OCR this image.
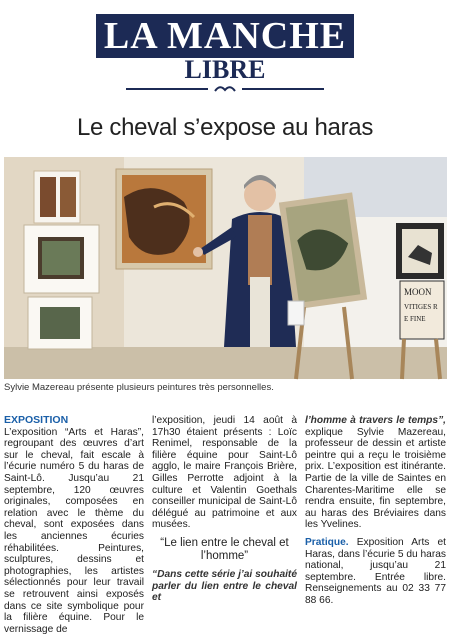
LA MANCHE
LIBRE
Le cheval s’expose au haras
MOON
VITIGES R
E FINE
Sylvie Mazereau présente plusieurs peintures très personnelles.
EXPOSITION
L’exposition “Arts et Haras”, regroupant des œuvres d’art sur le cheval, fait escale à l’écurie numéro 5 du haras de Saint-Lô. Jusqu’au 21 septembre, 120 œuvres originales, composées en relation avec le thème du cheval, sont exposées dans les anciennes écuries réhabilitées. Peintures, sculptures, dessins et photographies, les artistes sélectionnés pour leur travail se retrouvent ainsi exposés dans ce site symbolique pour la filière équine. Pour le vernissage de
l’exposition, jeudi 14 août à 17h30 étaient présents : Loïc Renimel, responsable de la filière équine pour Saint-Lô agglo, le maire François Brière, Gilles Perrotte adjoint à la culture et Valentin Goethals conseiller municipal de Saint-Lô délégué au patrimoine et aux musées.
“Le lien entre le cheval et l’homme”
“Dans cette série j’ai souhaité parler du lien entre le cheval et
l’homme à travers le temps”, explique Sylvie Mazereau, professeur de dessin et artiste peintre qui a reçu le troisième prix. L’exposition est itinérante. Partie de la ville de Saintes en Charentes-Maritime elle se rendra ensuite, fin septembre, au haras des Bréviaires dans les Yvelines.
Pratique. Exposition Arts et Haras, dans l’écurie 5 du haras national, jusqu’au 21 septembre. Entrée libre. Renseignements au 02 33 77 88 66.
